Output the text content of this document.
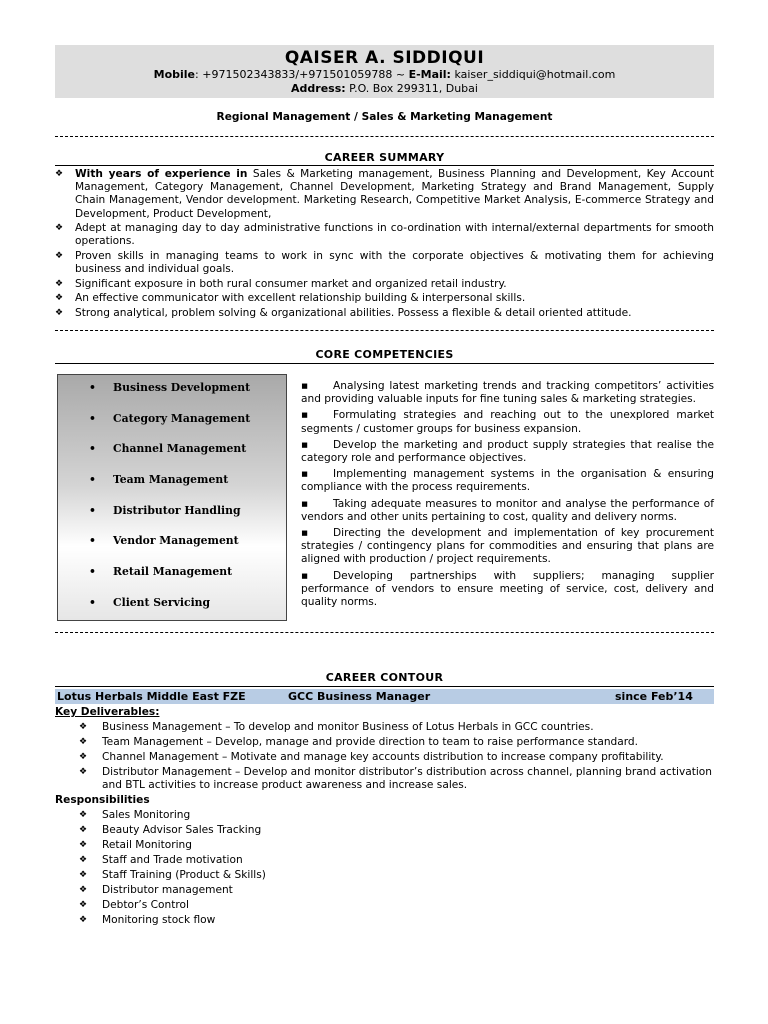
QAISER A. SIDDIQUI
Mobile: +971502343833/+971501059788 ~ E-Mail: kaiser_siddiqui@hotmail.com
Address: P.O. Box 299311, Dubai
Regional Management / Sales & Marketing Management
CAREER SUMMARY
❖ With years of experience in Sales & Marketing management, Business Planning and Development, Key Account Management, Category Management, Channel Development, Marketing Strategy and Brand Management, Supply Chain Management, Vendor development. Marketing Research, Competitive Market Analysis, E-commerce Strategy and Development, Product Development,
❖ Adept at managing day to day administrative functions in co-ordination with internal/external departments for smooth operations.
❖ Proven skills in managing teams to work in sync with the corporate objectives & motivating them for achieving business and individual goals.
❖ Significant exposure in both rural consumer market and organized retail industry.
❖ An effective communicator with excellent relationship building & interpersonal skills.
❖ Strong analytical, problem solving & organizational abilities. Possess a flexible & detail oriented attitude.
CORE COMPETENCIES
• Business Development
• Category Management
• Channel Management
• Team Management
• Distributor Handling
• Vendor Management
• Retail Management
• Client Servicing
▪ Analysing latest marketing trends and tracking competitors’ activities and providing valuable inputs for fine tuning sales & marketing strategies.
▪ Formulating strategies and reaching out to the unexplored market segments / customer groups for business expansion.
▪ Develop the marketing and product supply strategies that realise the category role and performance objectives.
▪ Implementing management systems in the organisation & ensuring compliance with the process requirements.
▪ Taking adequate measures to monitor and analyse the performance of vendors and other units pertaining to cost, quality and delivery norms.
▪ Directing the development and implementation of key procurement strategies / contingency plans for commodities and ensuring that plans are aligned with production / project requirements.
▪ Developing partnerships with suppliers; managing supplier performance of vendors to ensure meeting of service, cost, delivery and quality norms.
CAREER CONTOUR
Lotus Herbals Middle East FZE	GCC Business Manager	since Feb’14
Key Deliverables:
❖ Business Management – To develop and monitor Business of Lotus Herbals in GCC countries.
❖ Team Management – Develop, manage and provide direction to team to raise performance standard.
❖ Channel Management – Motivate and manage key accounts distribution to increase company profitability.
❖ Distributor Management – Develop and monitor distributor’s distribution across channel, planning brand activation and BTL activities to increase product awareness and increase sales.
Responsibilities
❖ Sales Monitoring
❖ Beauty Advisor Sales Tracking
❖ Retail Monitoring
❖ Staff and Trade motivation
❖ Staff Training (Product & Skills)
❖ Distributor management
❖ Debtor’s Control
❖ Monitoring stock flow
